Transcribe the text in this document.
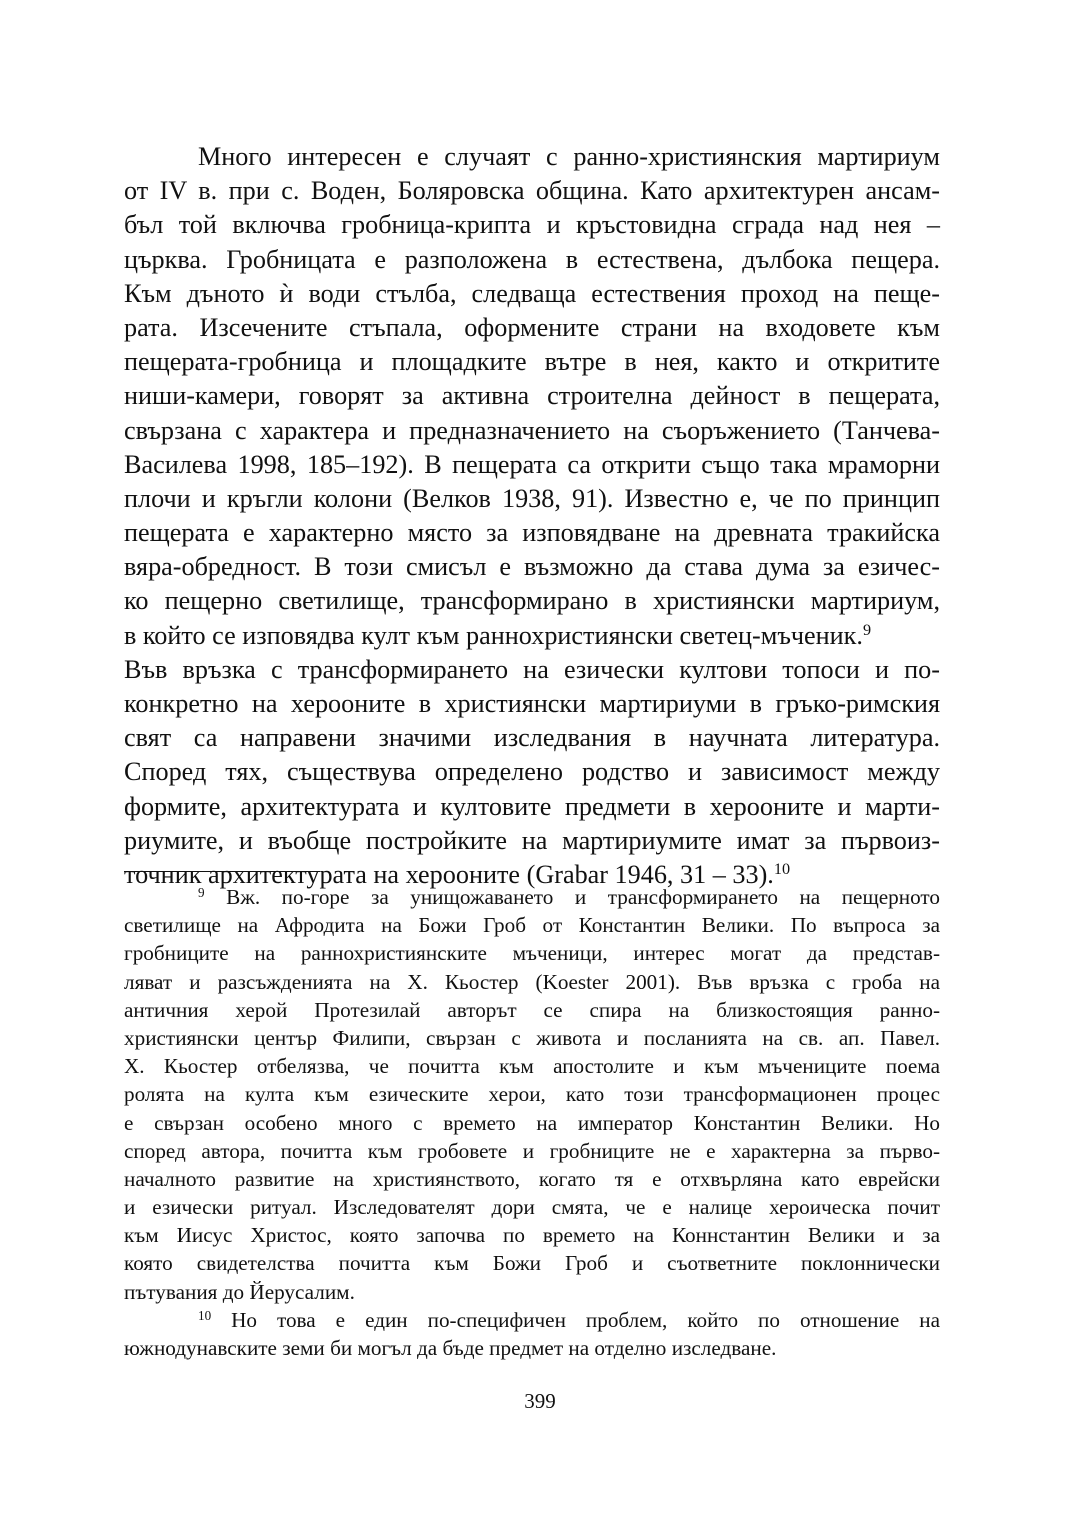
Много интересен е случаят с ранно-християнския мартириум
от IV в. при с. Воден, Боляровска община. Като архитектурен ансам-
бъл той включва гробница-крипта и кръстовидна сграда над нея –
църква. Гробницата е разположена в естествена, дълбока пещера.
Към дъното ѝ води стълба, следваща естествения проход на пеще-
рата. Изсечените стъпала, оформените страни на входовете към
пещерата-гробница и площадките вътре в нея, както и откритите
ниши-камери, говорят за активна строителна дейност в пещерата,
свързана с характера и предназначението на съоръжението (Танчева-
Василева 1998, 185–192). В пещерата са открити също така мраморни
плочи и кръгли колони (Велков 1938, 91). Известно е, че по принцип
пещерата е характерно място за изповядване на древната тракийска
вяра-обредност. В този смисъл е възможно да става дума за езичес-
ко пещерно светилище, трансформирано в християнски мартириум,
в който се изповядва култ към раннохристиянски светец-мъченик.$^9$
Във връзка с трансформирането на езически култови топоси и по-
конкретно на херооните в християнски мартириуми в гръко-римския
свят са направени значими изследвания в научната литература.
Според тях, съществува определено родство и зависимост между
формите, архитектурата и култовите предмети в херооните и марти-
риумите, и въобще постройките на мартириумите имат за първоиз-
точник архитектурата на херооните (Grabar 1946, 31 – 33).$^{10}$
$^9$ Вж. по-горе за унищожаването и трансформирането на пещерното
светилище на Афродита на Божи Гроб от Константин Велики. По въпроса за
гробниците на раннохристиянските мъченици, интерес могат да представ-
ляват и разсъжденията на Х. Кьостер (Koester 2001). Във връзка с гроба на
античния херой Протезилай авторът се спира на близкостоящия ранно-
християнски център Филипи, свързан с живота и посланията на св. ап. Павел.
Х. Кьостер отбелязва, че почитта към апостолите и към мъчениците поема
ролята на култа към езическите херои, като този трансформационен процес
е свързан особено много с времето на император Константин Велики. Но
според автора, почитта към гробовете и гробниците не е характерна за първо-
началното развитие на християнството, когато тя е отхвърляна като еврейски
и езически ритуал. Изследователят дори смята, че е налице хероическа почит
към Иисус Христос, която започва по времето на Коннстантин Велики и за
която свидетелства почитта към Божи Гроб и съответните поклоннически
пътувания до Йерусалим.
$^{10}$ Но това е един по-специфичен проблем, който по отношение на
южнодунавските земи би могъл да бъде предмет на отделно изследване.
399
